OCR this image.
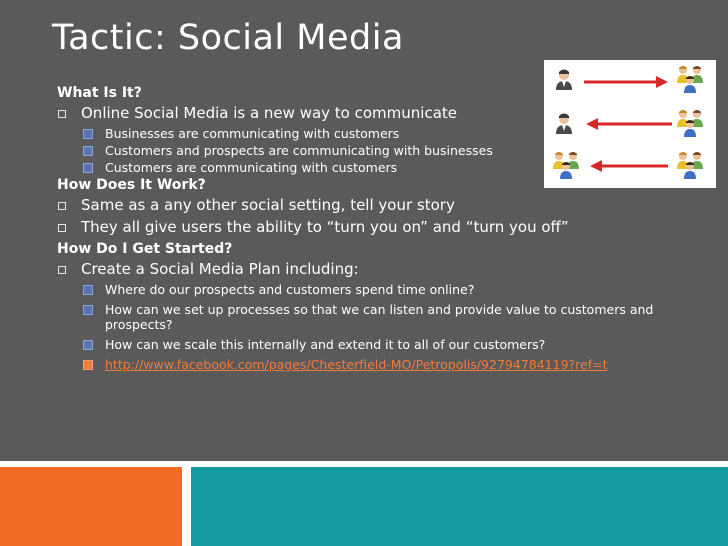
Tactic: Social Media
What Is It?
Online Social Media is a new way to communicate
Businesses are communicating with customers
Customers and prospects are communicating with businesses
Customers are communicating with customers
How Does It Work?
Same as a any other social setting, tell your story
They all give users the ability to “turn you on” and “turn you off”
How Do I Get Started?
Create a Social Media Plan including:
Where do our prospects and customers spend time online?
How can we set up processes so that we can listen and provide value to customers and prospects?
How can we scale this internally and extend it to all of our customers?
http://www.facebook.com/pages/Chesterfield-MO/Petropolis/92794784119?ref=t
